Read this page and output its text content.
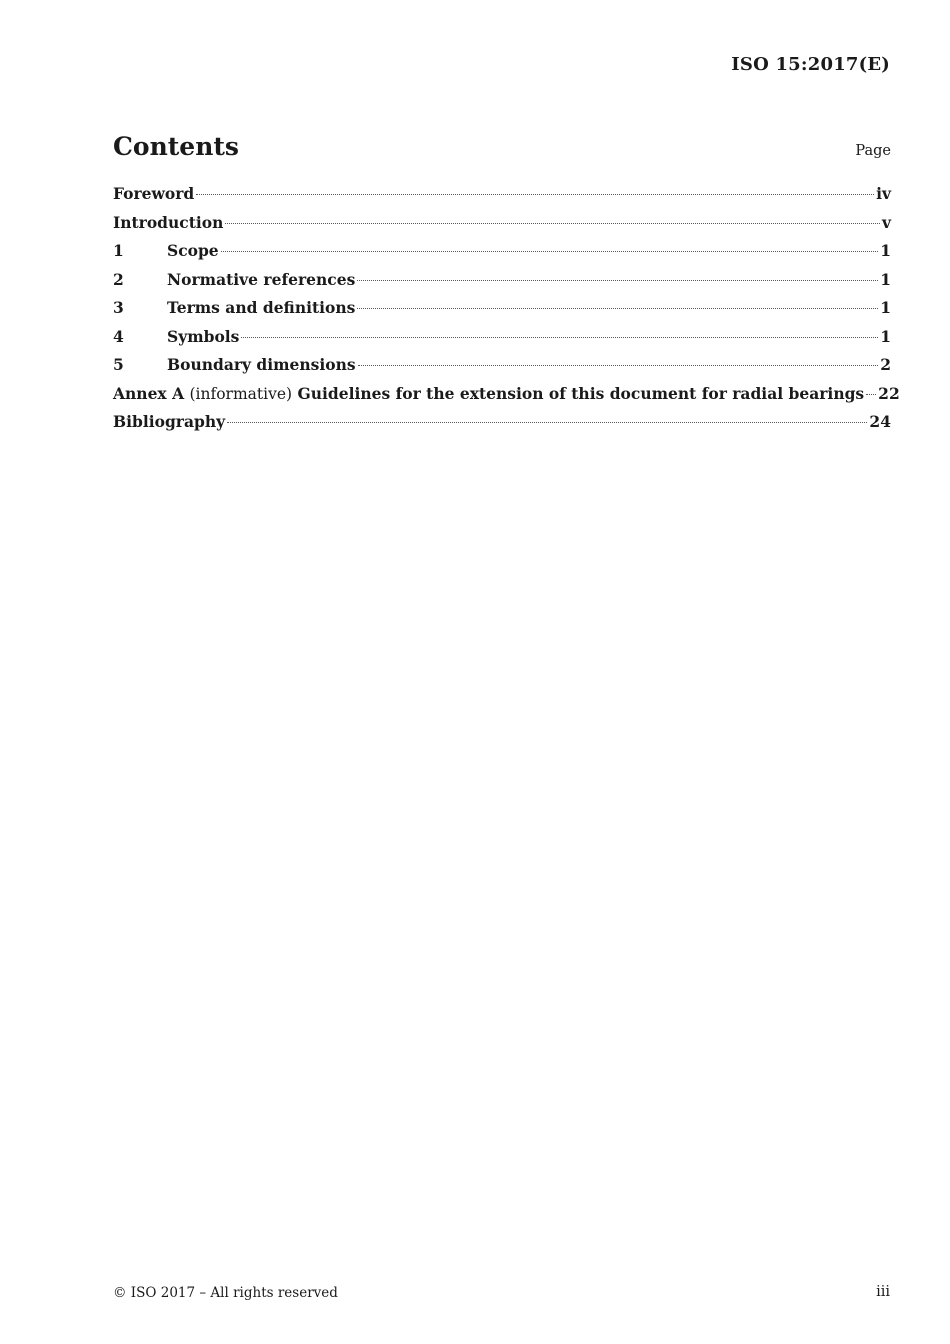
ISO 15:2017(E)
Contents	Page
Foreword	iv
Introduction	v
1	Scope	1
2	Normative references	1
3	Terms and definitions	1
4	Symbols	1
5	Boundary dimensions	2
Annex A (informative) Guidelines for the extension of this document for radial bearings 22
Bibliography	24
© ISO 2017 – All rights reserved	iii
